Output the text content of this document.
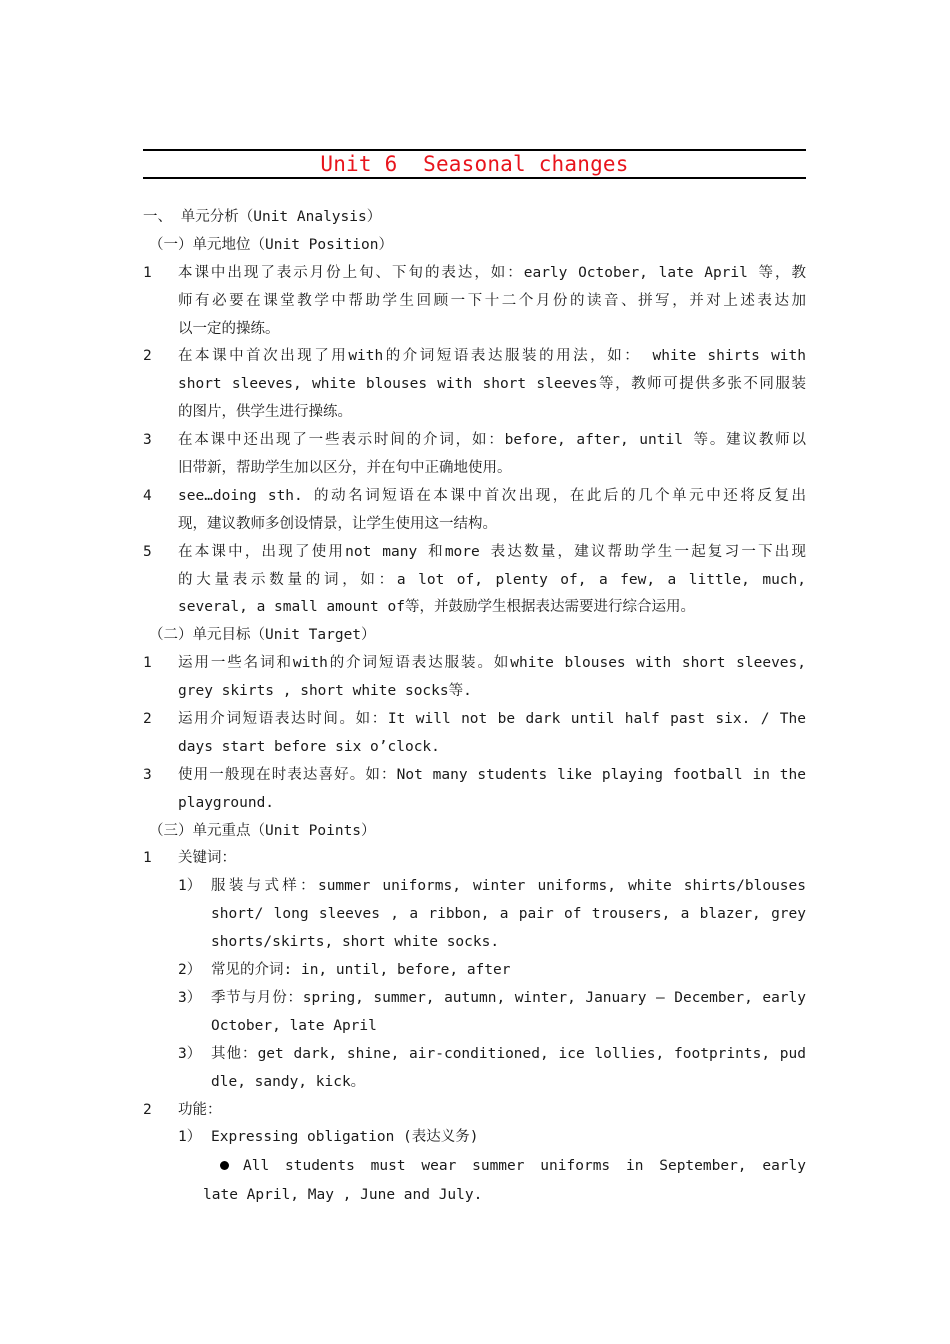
Unit 6  Seasonal changes
一、 单元分析（Unit Analysis）
（一）单元地位（Unit Position）
1 本课中出现了表示月份上旬、下旬的表达，如：early October, late April 等，教
师有必要在课堂教学中帮助学生回顾一下十二个月份的读音、拼写，并对上述表达加
以一定的操练。
2 在本课中首次出现了用with的介词短语表达服装的用法，如： white shirts with
short sleeves, white blouses with short sleeves等，教师可提供多张不同服装
的图片，供学生进行操练。
3 在本课中还出现了一些表示时间的介词，如：before, after, until 等。建议教师以
旧带新，帮助学生加以区分，并在句中正确地使用。
4 see…doing sth. 的动名词短语在本课中首次出现，在此后的几个单元中还将反复出
现，建议教师多创设情景，让学生使用这一结构。
5 在本课中，出现了使用not many 和more 表达数量，建议帮助学生一起复习一下出现
的大量表示数量的词，如：a lot of, plenty of, a few, a little, much,
several, a small amount of等，并鼓励学生根据表达需要进行综合运用。
（二）单元目标（Unit Target）
1 运用一些名词和with的介词短语表达服装。如white blouses with short sleeves,
grey skirts , short white socks等.
2 运用介词短语表达时间。如：It will not be dark until half past six. / The
days start before six o’clock.
3 使用一般现在时表达喜好。如：Not many students like playing football in the
playground.
（三）单元重点（Unit Points）
1 关键词：
1） 服装与式样：summer uniforms, winter uniforms, white shirts/blouses
short/ long sleeves , a ribbon, a pair of trousers, a blazer, grey
shorts/skirts, short white socks.
2） 常见的介词: in, until, before, after
3） 季节与月份：spring, summer, autumn, winter, January – December, early
October, late April
3） 其他：get dark, shine, air-conditioned, ice lollies, footprints, pud
dle, sandy, kick。
2 功能：
1） Expressing obligation (表达义务)
All students must wear summer uniforms in September, early
late April, May , June and July.
